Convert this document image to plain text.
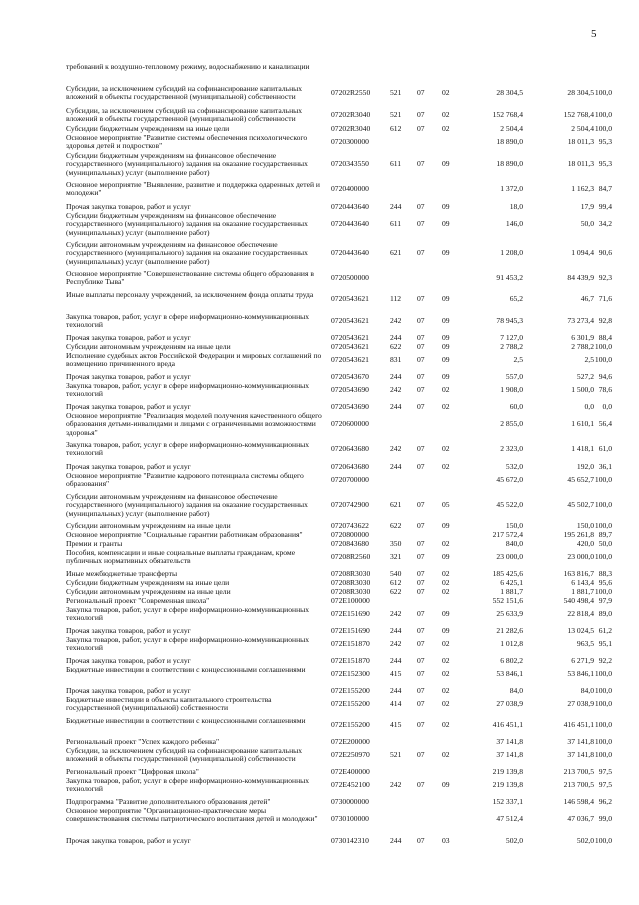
5
требований к воздушно-тепловому режиму, водоснабжению и канализации
Субсидии, за исключением субсидий на софинансирование капитальных вложений в объекты государственной (муниципальной) собственности	07202R2550	521 07 02	28 304,5	28 304,5 100,0
Субсидии, за исключением субсидий на софинансирование капитальных вложений в объекты государственной (муниципальной) собственности	07202R3040	521 07 02	152 768,4	152 768,4 100,0
Субсидии бюджетным учреждениям на иные цели	07202R3040	612 07 02	2 504,4	2 504,4 100,0
Основное мероприятие "Развитие системы обеспечения психологического здоровья детей и подростков"	0720300000	18 890,0	18 011,3 95,3
Субсидии бюджетным учреждениям на финансовое обеспечение государственного (муниципального) задания на оказание государственных (муниципальных) услуг (выполнение работ)
0720343550	611 07 09	18 890,0	18 011,3 95,3
Основное мероприятие "Выявление, развитие и поддержка одаренных детей и молодежи"	0720400000	1 372,0	1 162,3 84,7
Прочая закупка товаров, работ и услуг	0720443640	244 07 09	18,0	17,9 99,4
Субсидии бюджетным учреждениям на финансовое обеспечение государственного (муниципального) задания на оказание государственных (муниципальных) услуг (выполнение работ)
0720443640	611 07 09	146,0	50,0 34,2
Субсидии автономным учреждениям на финансовое обеспечение государственного (муниципального) задания на оказание государственных (муниципальных) услуг (выполнение работ)
0720443640	621 07 09	1 208,0	1 094,4 90,6
Основное мероприятие "Совершенствование системы общего образования в Республике Тыва"	0720500000	91 453,2	84 439,9 92,3
Иные выплаты персоналу учреждений, за исключением фонда оплаты труда	0720543621	112 07 09	65,2	46,7 71,6
Закупка товаров, работ, услуг в сфере информационно-коммуникационных технологий	0720543621	242 07 09	78 945,3	73 273,4 92,8
Прочая закупка товаров, работ и услуг	0720543621	244 07 09	7 127,0	6 301,9 88,4
Субсидии автономным учреждениям на иные цели	0720543621	622 07 09	2 788,2	2 788,2 100,0
Исполнение судебных актов Российской Федерации и мировых соглашений по возмещению причиненного вреда	0720543621	831 07 09	2,5	2,5 100,0
Прочая закупка товаров, работ и услуг	0720543670	244 07 09	557,0	527,2 94,6
Закупка товаров, работ, услуг в сфере информационно-коммуникационных технологий	0720543690	242 07 02	1 908,0	1 500,0 78,6
Прочая закупка товаров, работ и услуг	0720543690	244 07 02	60,0	0,0	0,0
Основное мероприятие "Реализация моделей получения качественного общего образования детьми-инвалидами и лицами с ограниченными возможностями здоровья"
0720600000	2 855,0	1 610,1 56,4
Закупка товаров, работ, услуг в сфере информационно-коммуникационных технологий	0720643680	242 07 02	2 323,0	1 418,1 61,0
Прочая закупка товаров, работ и услуг	0720643680	244 07 02	532,0	192,0 36,1
Основное мероприятие "Развитие кадрового потенциала системы общего образования"	0720700000	45 672,0	45 652,7 100,0
Субсидии автономным учреждениям на финансовое обеспечение государственного (муниципального) задания на оказание государственных (муниципальных) услуг (выполнение работ)
0720742900	621 07 05	45 522,0	45 502,7 100,0
Субсидии автономным учреждениям на иные цели	0720743622	622 07 09	150,0	150,0 100,0
Основное мероприятие "Социальные гарантии работникам образования"	0720800000	217 572,4	195 261,8 89,7
Премии и гранты	0720843680	350 07 02	840,0	420,0 50,0
Пособия, компенсации и иные социальные выплаты гражданам, кроме публичных нормативных обязательств	07208R2560	321 07 09	23 000,0	23 000,0 100,0
Иные межбюджетные трансферты	07208R3030	540 07 02	185 425,6	163 816,7 88,3
Субсидии бюджетным учреждениям на иные цели	07208R3030	612 07 02	6 425,1	6 143,4 95,6
Субсидии автономным учреждениям на иные цели	07208R3030	622 07 02	1 881,7	1 881,7 100,0
Региональный проект "Современная школа"	072E100000	552 151,6	540 498,4 97,9
Закупка товаров, работ, услуг в сфере информационно-коммуникационных технологий	072E151690	242 07 09	25 633,9	22 818,4 89,0
Прочая закупка товаров, работ и услуг	072E151690	244 07 09	21 282,6	13 024,5 61,2
Закупка товаров, работ, услуг в сфере информационно-коммуникационных технологий	072E151870	242 07 02	1 012,8	963,5 95,1
Прочая закупка товаров, работ и услуг	072E151870	244 07 02	6 802,2	6 271,9 92,2
Бюджетные инвестиции в соответствии с концессионными соглашениями	072E152300	415 07 02	53 846,1	53 846,1 100,0
Прочая закупка товаров, работ и услуг	072E155200	244 07 02	84,0	84,0 100,0
Бюджетные инвестиции в объекты капитального строительства государственной (муниципальной) собственности	072E155200	414 07 02	27 038,9	27 038,9 100,0
Бюджетные инвестиции в соответствии с концессионными соглашениями	072E155200	415 07 02	416 451,1	416 451,1 100,0
Региональный проект "Успех каждого ребенка"	072E200000	37 141,8	37 141,8 100,0
Субсидии, за исключением субсидий на софинансирование капитальных вложений в объекты государственной (муниципальной) собственности	072E250970	521 07 02	37 141,8	37 141,8 100,0
Региональный проект "Цифровая школа"	072E400000	219 139,8	213 700,5 97,5
Закупка товаров, работ, услуг в сфере информационно-коммуникационных технологий	072E452100	242 07 09	219 139,8	213 700,5 97,5
Подпрограмма "Развитие дополнительного образования детей"	0730000000	152 337,1	146 598,4 96,2
Основное мероприятие "Организационно-практические меры совершенствования системы патриотического воспитания детей и молодежи"	0730100000	47 512,4	47 036,7 99,0
Прочая закупка товаров, работ и услуг	0730142310	244 07 03	502,0	502,0 100,0
